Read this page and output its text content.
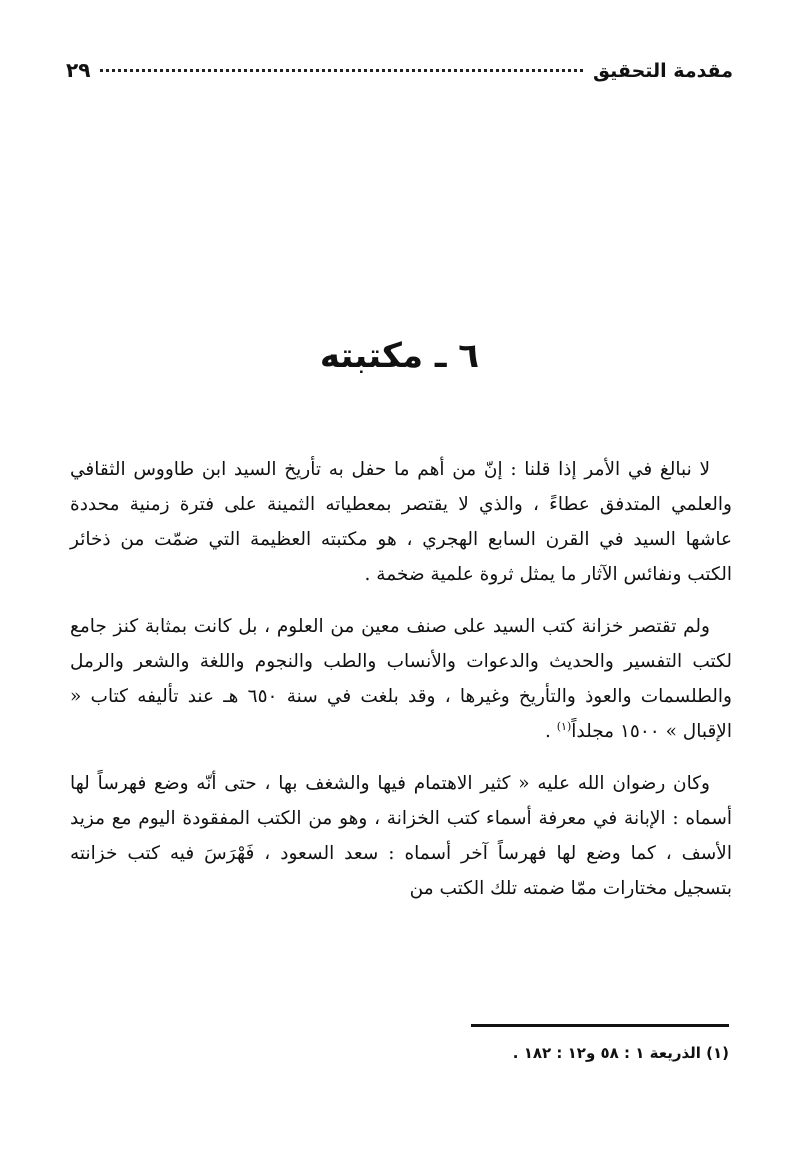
مقدمة التحقيق
٢٩
٦ ـ مكتبته

لا نبالغ في الأمر إذا قلنا : إنّ من أهم ما حفل به تأريخ السيد ابن طاووس الثقافي والعلمي المتدفق عطاءً ، والذي لا يقتصر بمعطياته الثمينة على فترة زمنية محددة عاشها السيد في القرن السابع الهجري ، هو مكتبته العظيمة التي ضمّت من ذخائر الكتب ونفائس الآثار ما يمثل ثروة علمية ضخمة .

ولم تقتصر خزانة كتب السيد على صنف معين من العلوم ، بل كانت بمثابة كنز جامع لكتب التفسير والحديث والدعوات والأنساب والطب والنجوم واللغة والشعر والرمل والطلسمات والعوذ والتأريخ وغيرها ، وقد بلغت في سنة ٦٥٠ هـ عند تأليفه كتاب « الإقبال » ١٥٠٠ مجلداً$^{(١)}$ .

وكان رضوان الله عليه « كثير الاهتمام فيها والشغف بها ، حتى أنّه وضع فهرساً لها أسماه : الإبانة في معرفة أسماء كتب الخزانة ، وهو من الكتب المفقودة اليوم مع مزيد الأسف ، كما وضع لها فهرساً آخر أسماه : سعد السعود ، فَهْرَسَ فيه كتب خزانته بتسجيل مختارات ممّا ضمته تلك الكتب من

(١) الذريعة ١ : ٥٨ و١٢ : ١٨٢ .
